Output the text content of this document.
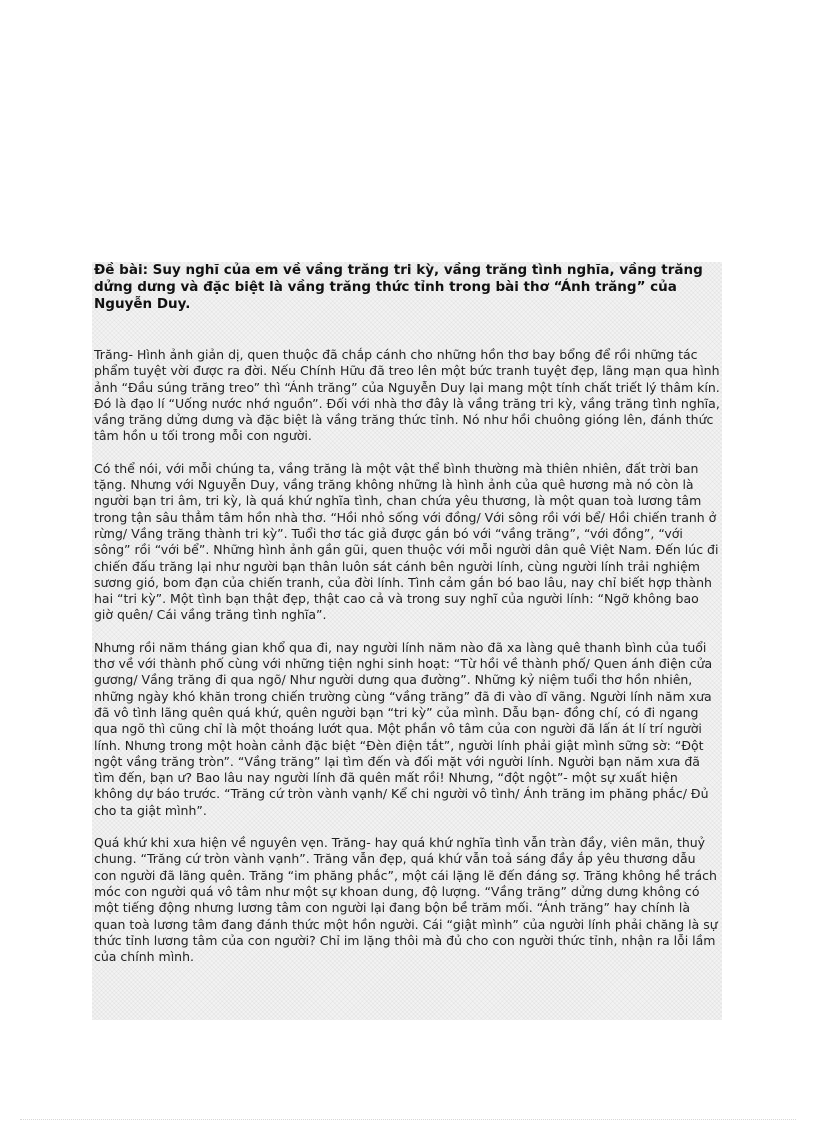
Đề bài: Suy nghĩ của em về vầng trăng tri kỳ, vầng trăng tình nghĩa, vầng trăng dửng dưng và đặc biệt là vầng trăng thức tỉnh trong bài thơ “Ánh trăng” của Nguyễn Duy.

Trăng- Hình ảnh giản dị, quen thuộc đã chắp cánh cho những hồn thơ bay bổng để rồi những tác phẩm tuyệt vời được ra đời. Nếu Chính Hữu đã treo lên một bức tranh tuyệt đẹp, lãng mạn qua hình ảnh “Đầu súng trăng treo” thì “Ánh trăng” của Nguyễn Duy lại mang một tính chất triết lý thâm kín. Đó là đạo lí “Uống nước nhớ nguồn”. Đối với nhà thơ đây là vầng trăng tri kỳ, vầng trăng tình nghĩa, vầng trăng dửng dưng và đặc biệt là vầng trăng thức tỉnh. Nó như hồi chuông gióng lên, đánh thức tâm hồn u tối trong mỗi con người.

Có thể nói, với mỗi chúng ta, vầng trăng là một vật thể bình thường mà thiên nhiên, đất trời ban tặng. Nhưng với Nguyễn Duy, vầng trăng không những là hình ảnh của quê hương mà nó còn là người bạn tri âm, tri kỳ, là quá khứ nghĩa tình, chan chứa yêu thương, là một quan toà lương tâm trong tận sâu thẳm tâm hồn nhà thơ. “Hồi nhỏ sống với đồng/ Với sông rồi với bể/ Hồi chiến tranh ở rừng/ Vầng trăng thành tri kỳ”. Tuổi thơ tác giả được gắn bó với “vầng trăng”, “với đồng”, “với sông” rồi “với bể”. Những hình ảnh gần gũi, quen thuộc với mỗi người dân quê Việt Nam. Đến lúc đi chiến đấu trăng lại như người bạn thân luôn sát cánh bên người lính, cùng người lính trải nghiệm sương gió, bom đạn của chiến tranh, của đời lính. Tình cảm gắn bó bao lâu, nay chỉ biết hợp thành hai “tri kỳ”. Một tình bạn thật đẹp, thật cao cả và trong suy nghĩ của người lính: “Ngỡ không bao giờ quên/ Cái vầng trăng tình nghĩa”.

Nhưng rồi năm tháng gian khổ qua đi, nay người lính năm nào đã xa làng quê thanh bình của tuổi thơ về với thành phố cùng với những tiện nghi sinh hoạt: “Từ hồi về thành phố/ Quen ánh điện cửa gương/ Vầng trăng đi qua ngõ/ Như người dưng qua đường”. Những kỷ niệm tuổi thơ hồn nhiên, những ngày khó khăn trong chiến trường cùng “vầng trăng” đã đi vào dĩ vãng. Người lính năm xưa đã vô tình lãng quên quá khứ, quên người bạn “tri kỳ” của mình. Dẫu bạn- đồng chí, có đi ngang qua ngõ thì cũng chỉ là một thoáng lướt qua. Một phần vô tâm của con người đã lấn át lí trí người lính. Nhưng trong một hoàn cảnh đặc biệt “Đèn điện tắt”, người lính phải giật mình sững sờ: “Đột ngột vầng trăng tròn”. “Vầng trăng” lại tìm đến và đối mặt với người lính. Người bạn năm xưa đã tìm đến, bạn ư? Bao lâu nay người lính đã quên mất rồi! Nhưng, “đột ngột”- một sự xuất hiện không dự báo trước. “Trăng cứ tròn vành vạnh/ Kể chi người vô tình/ Ánh trăng im phăng phắc/ Đủ cho ta giật mình”.

Quá khứ khi xưa hiện về nguyên vẹn. Trăng- hay quá khứ nghĩa tình vẫn tràn đầy, viên mãn, thuỷ chung. “Trăng cứ tròn vành vạnh”. Trăng vẫn đẹp, quá khứ vẫn toả sáng đầy ắp yêu thương dẫu con người đã lãng quên. Trăng “im phăng phắc”, một cái lặng lẽ đến đáng sợ. Trăng không hề trách móc con người quá vô tâm như một sự khoan dung, độ lượng. “Vầng trăng” dửng dưng không có một tiếng động nhưng lương tâm con người lại đang bộn bề trăm mối. “Ánh trăng” hay chính là quan toà lương tâm đang đánh thức một hồn người. Cái “giật mình” của người lính phải chăng là sự thức tỉnh lương tâm của con người? Chỉ im lặng thôi mà đủ cho con người thức tỉnh, nhận ra lỗi lầm của chính mình.
